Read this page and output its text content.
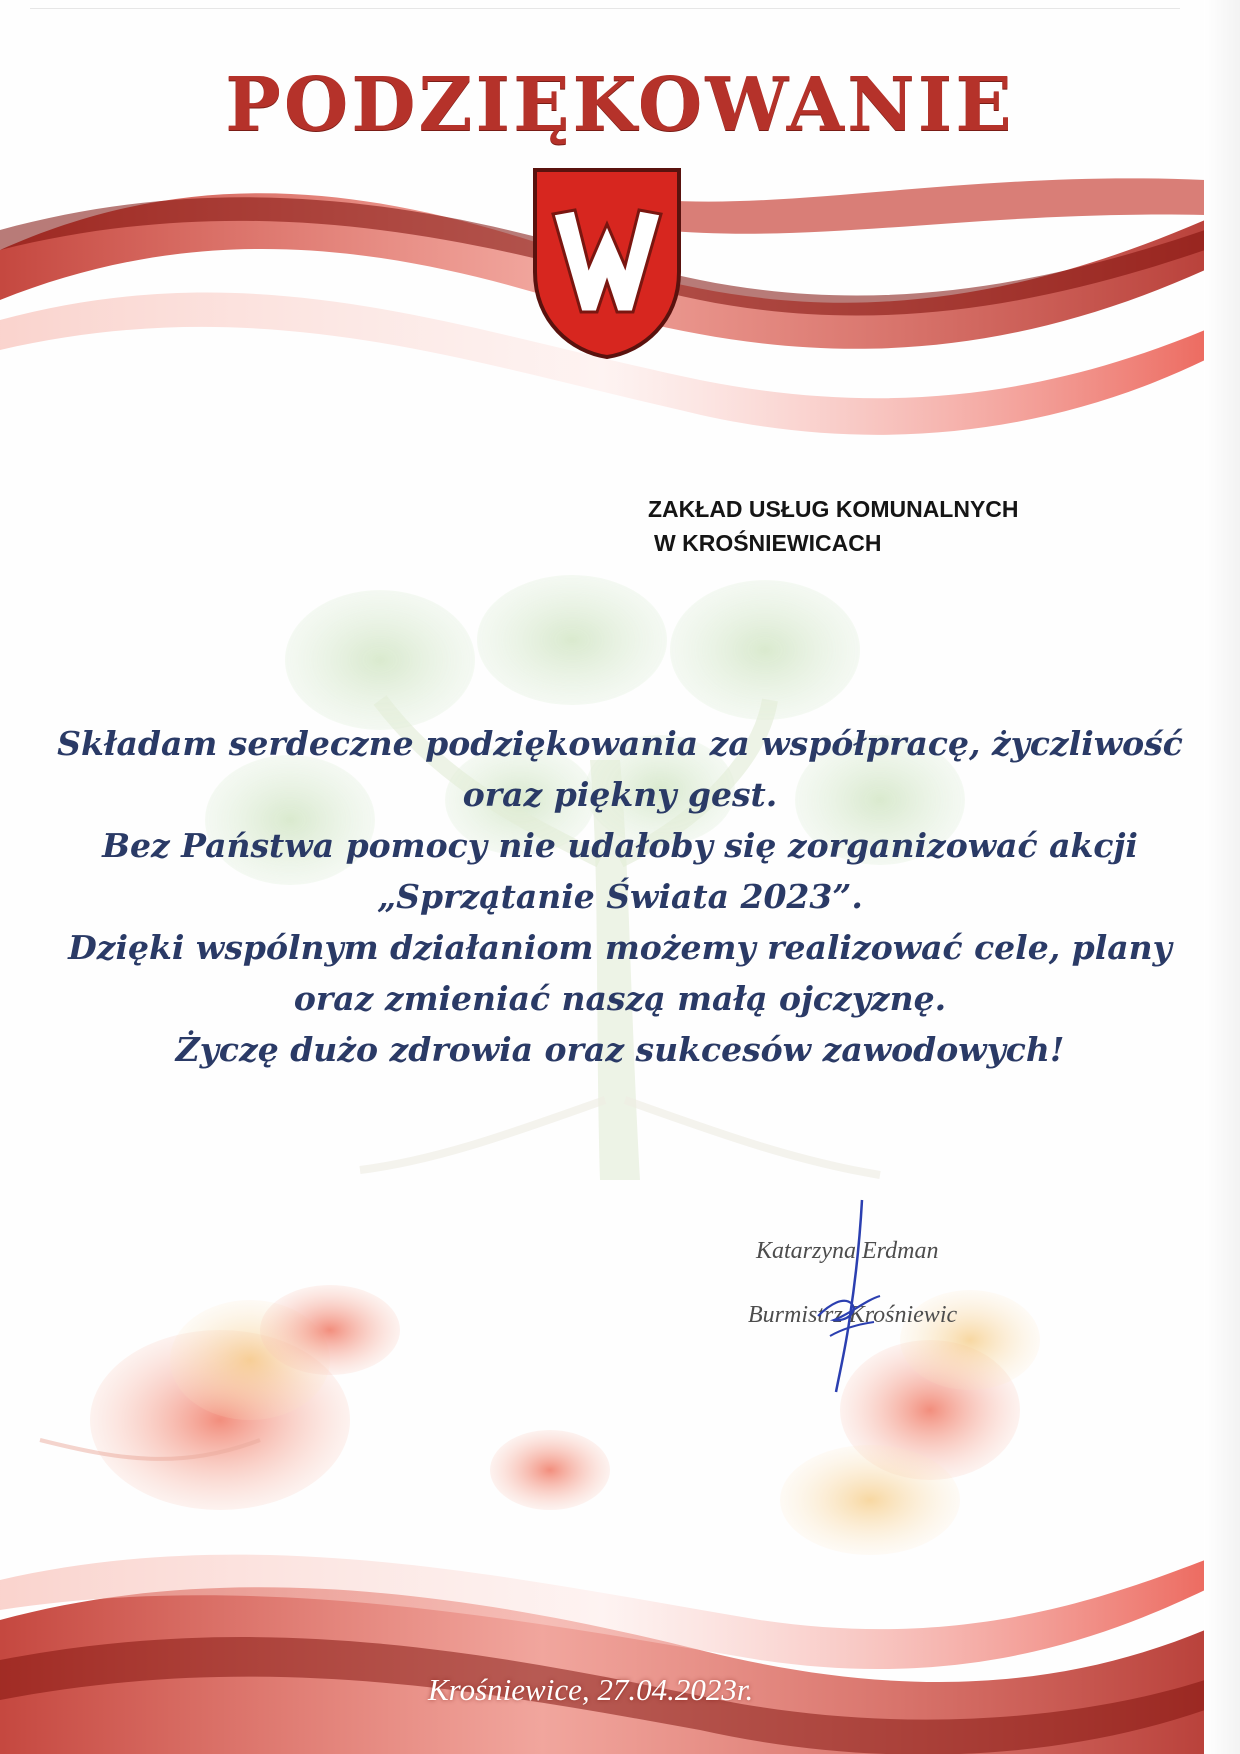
PODZIĘKOWANIE
ZAKŁAD USŁUG KOMUNALNYCH
W KROŚNIEWICACH
Składam serdeczne podziękowania za współpracę, życzliwość
oraz piękny gest.
Bez Państwa pomocy nie udałoby się zorganizować akcji
„Sprzątanie Świata 2023”.
Dzięki wspólnym działaniom możemy realizować cele, plany
oraz zmieniać naszą małą ojczyznę.
Życzę dużo zdrowia oraz sukcesów zawodowych!
Katarzyna Erdman
Burmistrz Krośniewic
Krośniewice, 27.04.2023r.
